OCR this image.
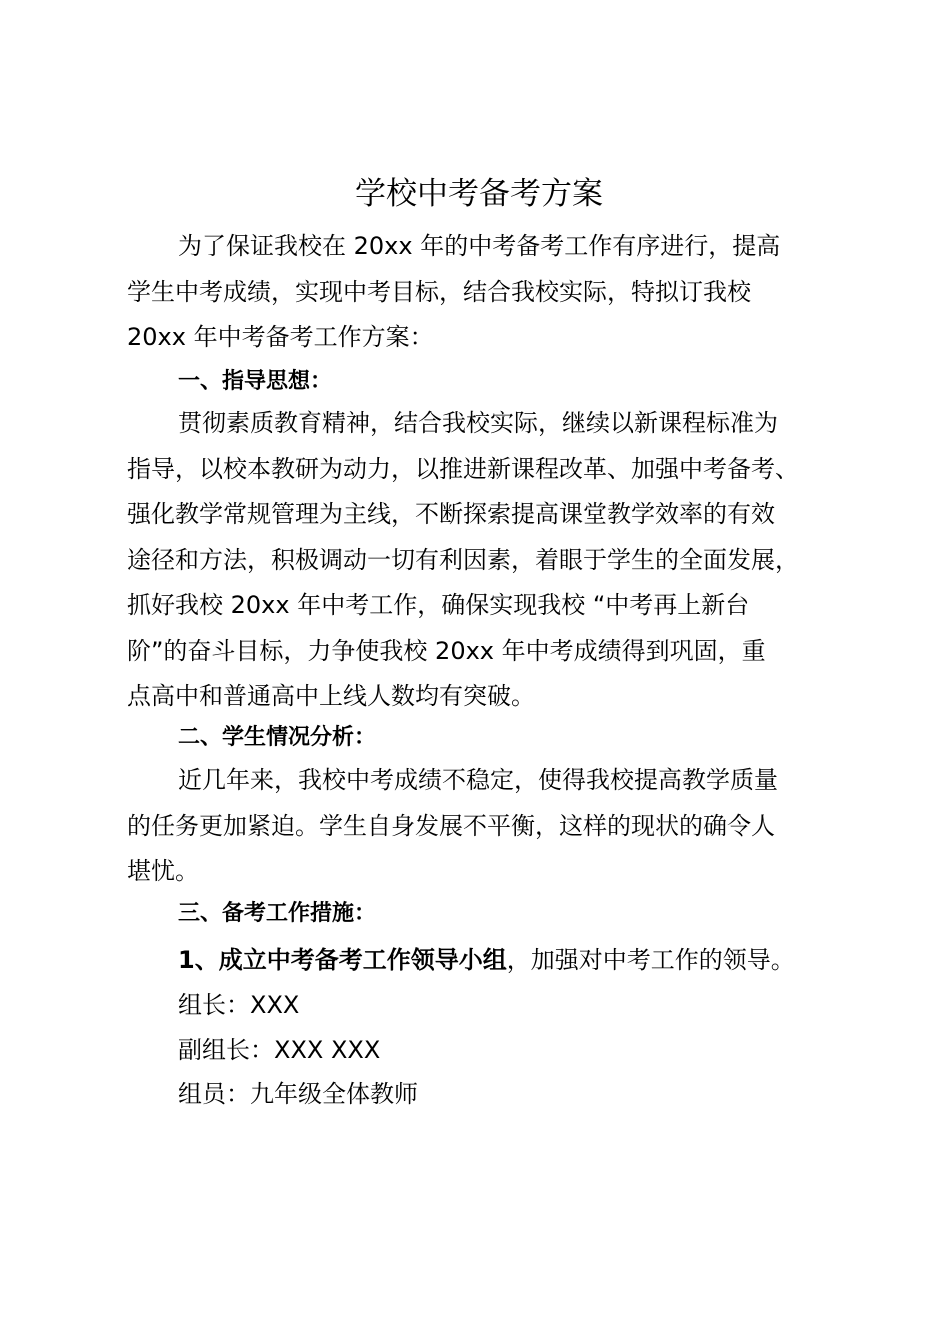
学校中考备考方案
为了保证我校在 20xx 年的中考备考工作有序进行，提高
学生中考成绩，实现中考目标，结合我校实际，特拟订我校
20xx 年中考备考工作方案：
一、指导思想：
贯彻素质教育精神，结合我校实际，继续以新课程标准为
指导，以校本教研为动力，以推进新课程改革、加强中考备考、
强化教学常规管理为主线，不断探索提高课堂教学效率的有效
途径和方法，积极调动一切有利因素，着眼于学生的全面发展，
抓好我校 20xx 年中考工作，确保实现我校 “中考再上新台
阶”的奋斗目标，力争使我校 20xx 年中考成绩得到巩固，重
点高中和普通高中上线人数均有突破。
二、学生情况分析：
近几年来，我校中考成绩不稳定，使得我校提高教学质量
的任务更加紧迫。学生自身发展不平衡，这样的现状的确令人
堪忧。
三、备考工作措施：
1、成立中考备考工作领导小组，加强对中考工作的领导。
组长：XXX
副组长：XXX XXX
组员：九年级全体教师
